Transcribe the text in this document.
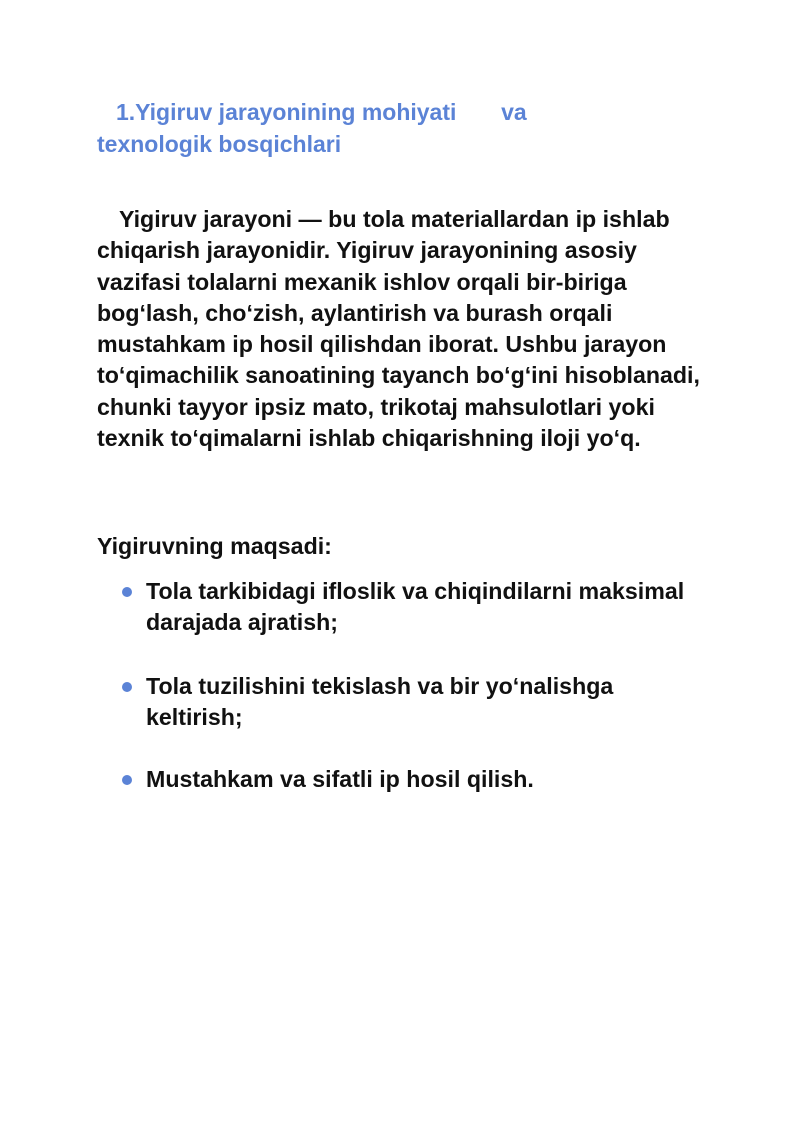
1.Yigiruv jarayonining mohiyati       va
texnologik bosqichlari

Yigiruv jarayoni — bu tola materiallardan ip ishlab chiqarish jarayonidir. Yigiruv jarayonining asosiy vazifasi tolalarni mexanik ishlov orqali bir-biriga bog‘lash, cho‘zish, aylantirish va burash orqali mustahkam ip hosil qilishdan iborat. Ushbu jarayon to‘qimachilik sanoatining tayanch bo‘g‘ini hisoblanadi, chunki tayyor ipsiz mato, trikotaj mahsulotlari yoki texnik to‘qimalarni ishlab chiqarishning iloji yo‘q.

Yigiruvning maqsadi:

Tola tarkibidagi ifloslik va chiqindilarni maksimal darajada ajratish;
Tola tuzilishini tekislash va bir yo‘nalishga keltirish;
Mustahkam va sifatli ip hosil qilish.
